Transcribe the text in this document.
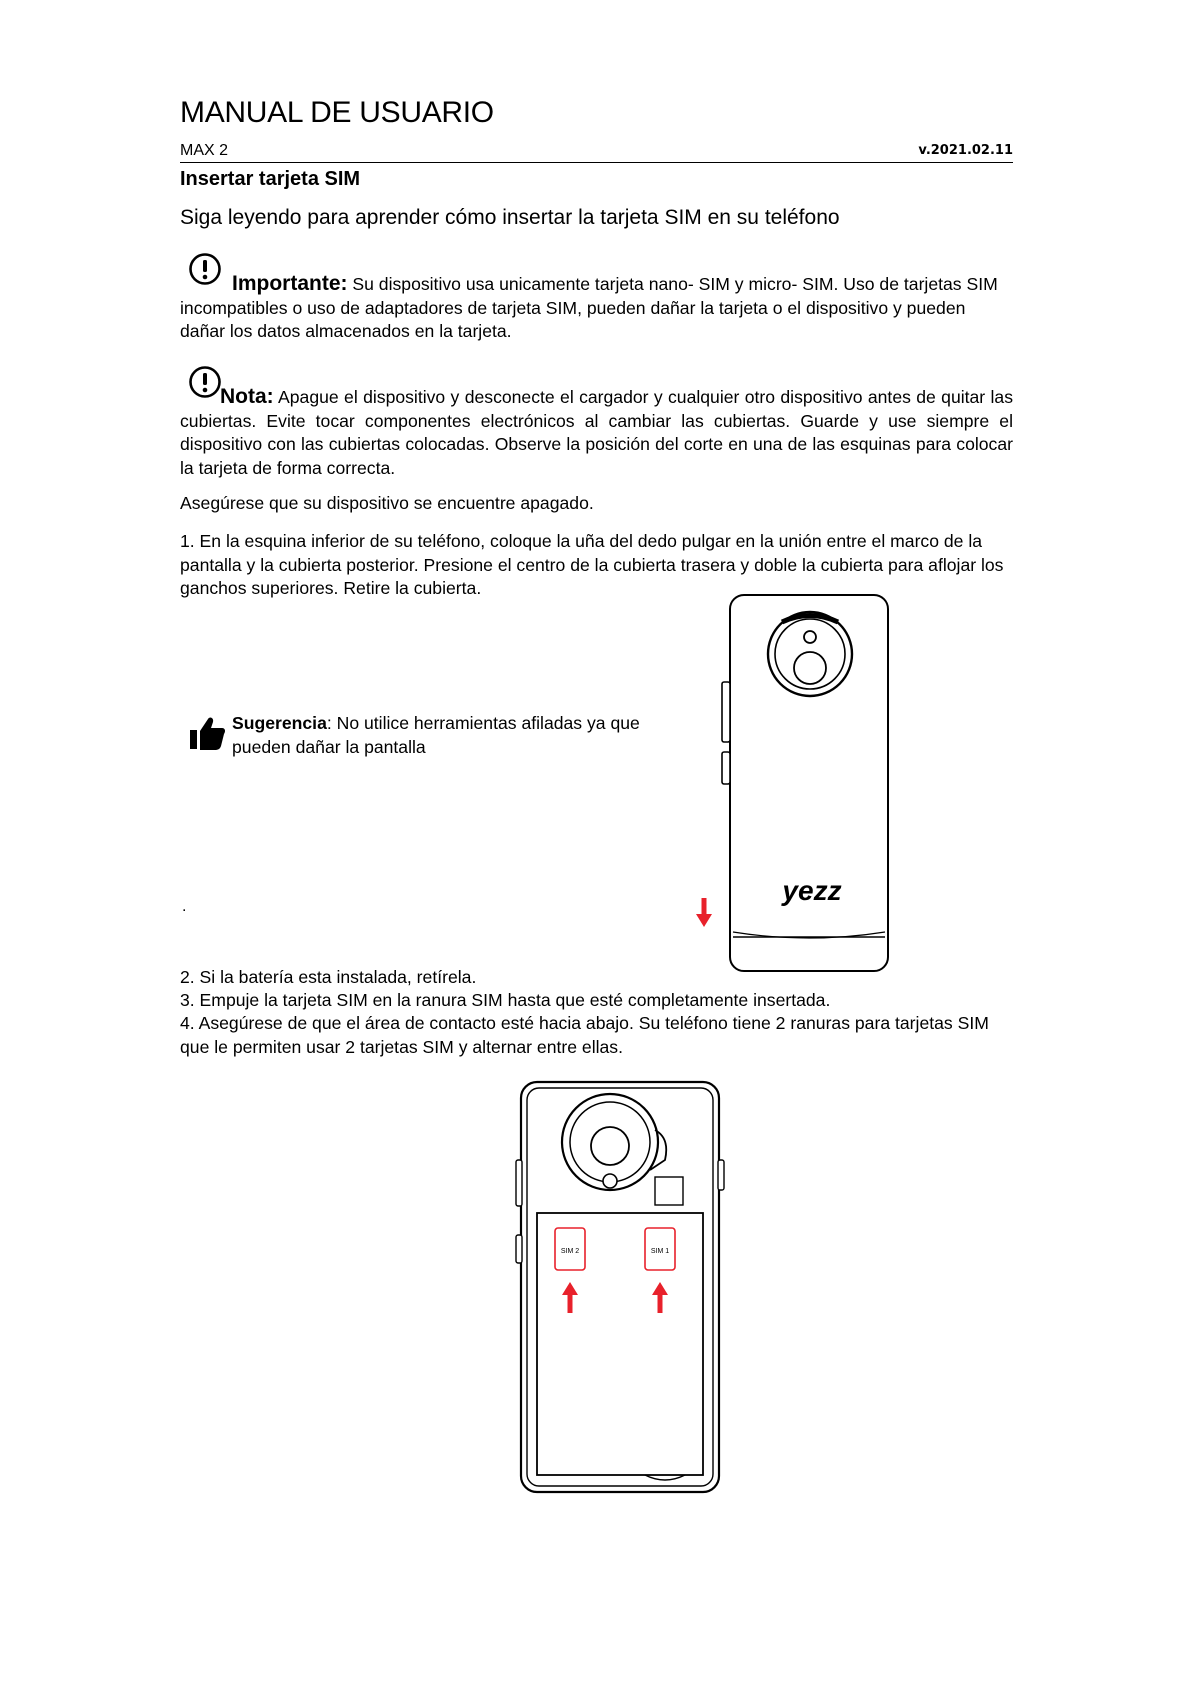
MANUAL DE USUARIO
MAX 2	v.2021.02.11
Insertar tarjeta SIM
Siga leyendo para aprender cómo insertar la tarjeta SIM en su teléfono
Importante: Su dispositivo usa unicamente tarjeta nano- SIM y micro- SIM. Uso de tarjetas SIM incompatibles o uso de adaptadores de tarjeta SIM, pueden dañar la tarjeta o el dispositivo y pueden dañar los datos almacenados en la tarjeta.
Nota: Apague el dispositivo y desconecte el cargador y cualquier otro dispositivo antes de quitar las cubiertas. Evite tocar componentes electrónicos al cambiar las cubiertas. Guarde y use siempre el dispositivo con las cubiertas colocadas. Observe la posición del corte en una de las esquinas para colocar la tarjeta de forma correcta.
Asegúrese que su dispositivo se encuentre apagado.
1. En la esquina inferior de su teléfono, coloque la uña del dedo pulgar en la unión entre el marco de la pantalla y la cubierta posterior. Presione el centro de la cubierta trasera y doble la cubierta para aflojar los ganchos superiores. Retire la cubierta.
Sugerencia: No utilice herramientas afiladas ya que pueden dañar la pantalla
.
yezz
2. Si la batería esta instalada, retírela.
3. Empuje la tarjeta SIM en la ranura SIM hasta que esté completamente insertada.
4. Asegúrese de que el área de contacto esté hacia abajo. Su teléfono tiene 2 ranuras para tarjetas SIM que le permiten usar 2 tarjetas SIM y alternar entre ellas.
SIM 2	SIM 1
